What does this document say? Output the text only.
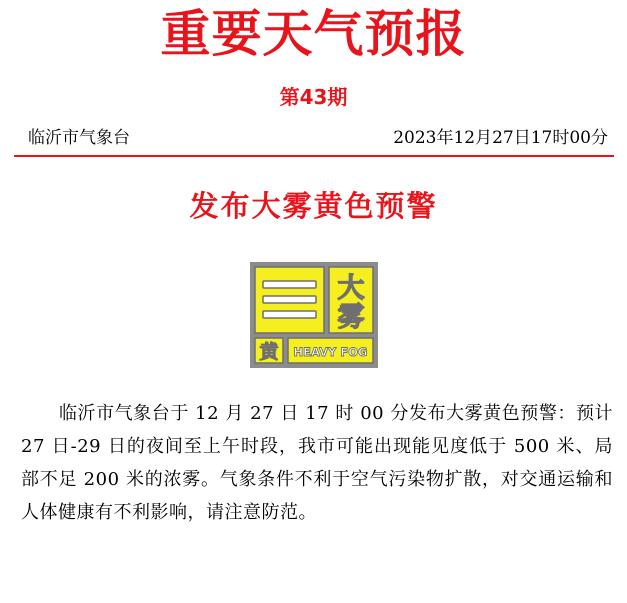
重要天气预报
第43期
临沂市气象台	2023年12月27日17时00分
发布大雾黄色预警
大
雾
黄 HEAVY FOG
临沂市气象台于 12 月 27 日 17 时 00 分发布大雾黄色预警：预计 27 日-29 日的夜间至上午时段，我市可能出现能见度低于 500 米、局部不足 200 米的浓雾。气象条件不利于空气污染物扩散，对交通运输和人体健康有不利影响，请注意防范。
